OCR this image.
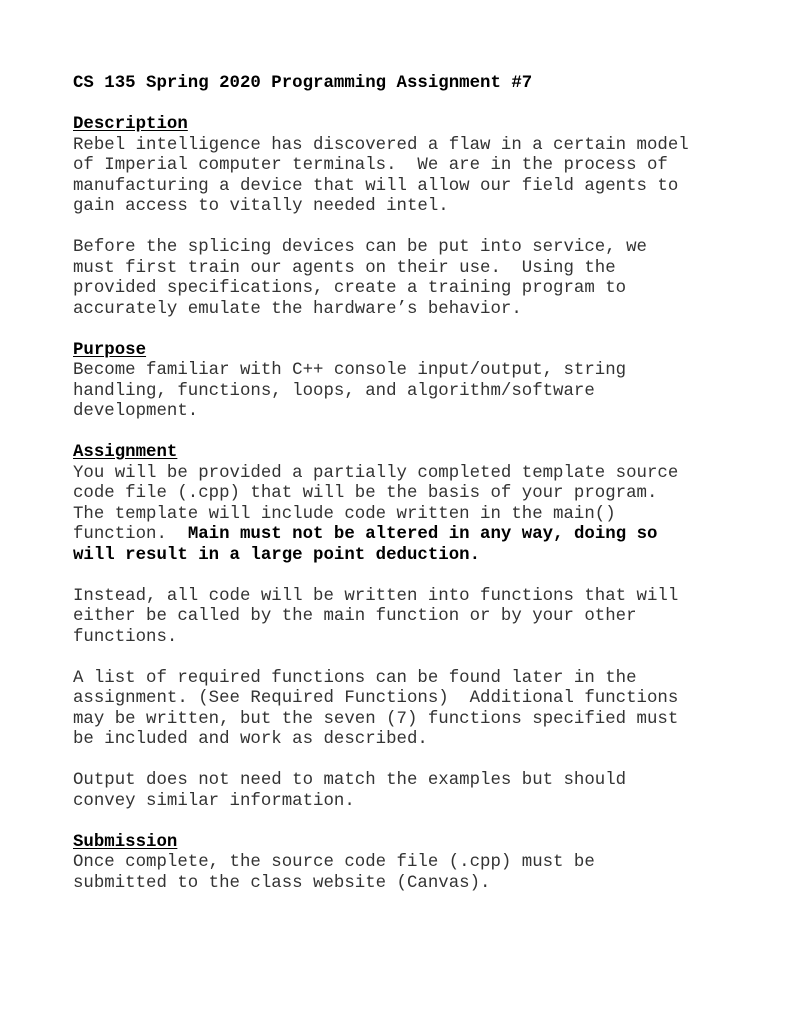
CS 135 Spring 2020 Programming Assignment #7
Description
Rebel intelligence has discovered a flaw in a certain model
of Imperial computer terminals.  We are in the process of
manufacturing a device that will allow our field agents to
gain access to vitally needed intel.
Before the splicing devices can be put into service, we
must first train our agents on their use.  Using the
provided specifications, create a training program to
accurately emulate the hardware’s behavior.
Purpose
Become familiar with C++ console input/output, string
handling, functions, loops, and algorithm/software
development.
Assignment
You will be provided a partially completed template source
code file (.cpp) that will be the basis of your program.
The template will include code written in the main()
function.  Main must not be altered in any way, doing so
will result in a large point deduction.
Instead, all code will be written into functions that will
either be called by the main function or by your other
functions.
A list of required functions can be found later in the
assignment. (See Required Functions)  Additional functions
may be written, but the seven (7) functions specified must
be included and work as described.
Output does not need to match the examples but should
convey similar information.
Submission
Once complete, the source code file (.cpp) must be
submitted to the class website (Canvas).
